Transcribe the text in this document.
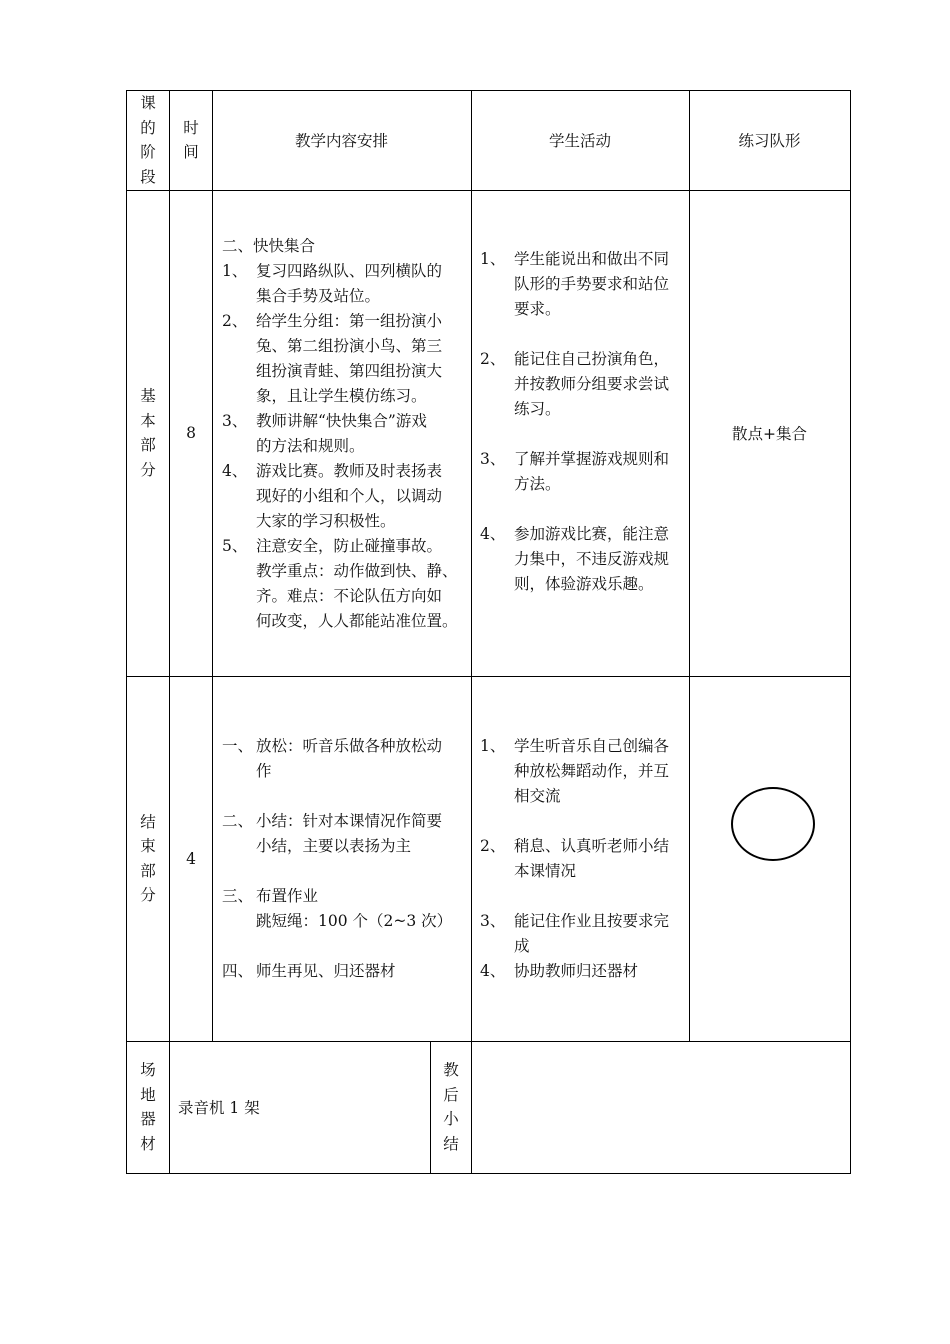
课
的
阶
段
时
间
教学内容安排	学生活动	练习队形
基
本
部
分
8
二、快快集合
1、 复习四路纵队、四列横队的
集合手势及站位。
2、 给学生分组：第一组扮演小
兔、第二组扮演小鸟、第三
组扮演青蛙、第四组扮演大
象，且让学生模仿练习。
3、 教师讲解“快快集合”游戏
的方法和规则。
4、 游戏比赛。教师及时表扬表
现好的小组和个人，以调动
大家的学习积极性。
5、 注意安全，防止碰撞事故。
教学重点：动作做到快、静、
齐。难点：不论队伍方向如
何改变，人人都能站准位置。
1、 学生能说出和做出不同
队形的手势要求和站位
要求。
2、 能记住自己扮演角色，
并按教师分组要求尝试
练习。
3、 了解并掌握游戏规则和
方法。
4、 参加游戏比赛，能注意
力集中，不违反游戏规
则，体验游戏乐趣。
散点+集合
结
束
部
分
4
一、 放松：听音乐做各种放松动
作
二、 小结：针对本课情况作简要
小结，主要以表扬为主
三、 布置作业
跳短绳：100 个（2~3 次）
四、 师生再见、归还器材
1、 学生听音乐自己创编各
种放松舞蹈动作，并互
相交流
2、 稍息、认真听老师小结
本课情况
3、 能记住作业且按要求完
成
4、 协助教师归还器材
场
地
器
材
录音机 1 架
教
后
小
结
